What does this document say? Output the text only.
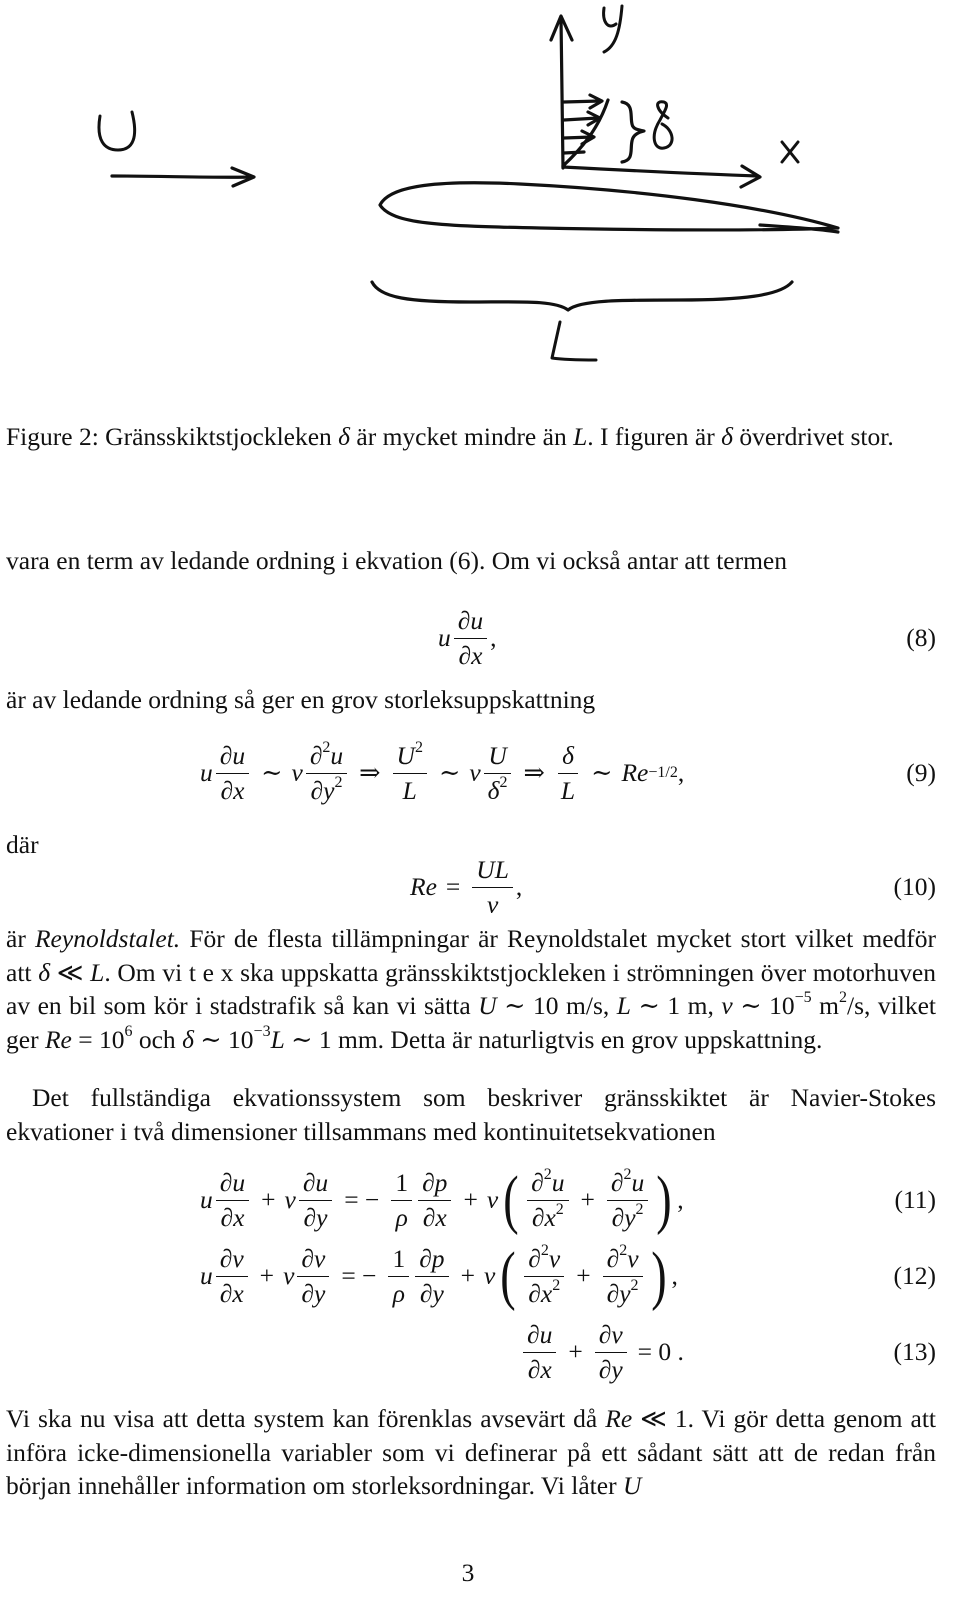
U
Figure 2: Gränsskiktstjockleken δ är mycket mindre än L. I figuren är δ överdrivet stor.
vara en term av ledande ordning i ekvation (6). Om vi också antar att termen
u $\frac{\partial u}{\partial x}$ ,	(8)
är av ledande ordning så ger en grov storleksuppskattning
u $\frac{\partial u}{\partial x}$ ∼ ν $\frac{\partial^2u}{\partial y^2}$ ⇒ $\frac{U^2}{L}$ ∼ ν $\frac{U}{\delta^2}$ ⇒ $\frac{\delta}{L}$ ∼ Re −1/2 ,	(9)
där
$Re = \frac{UL}{\nu}$ ,	(10)
är Reynoldstalet. För de flesta tillämpningar är Reynoldstalet mycket stort vilket medför att δ ≪ L. Om vi t e x ska uppskatta gränsskiktstjockleken i strömningen över motorhuven av en bil som kör i stadstrafik så kan vi sätta U ∼ 10 m/s, L ∼ 1 m, ν ∼ $10^{-5}$ $m^2/s$, vilket ger $Re = 10^6$ och δ ∼ $10^{-3}L$ ∼ 1 mm. Detta är naturligtvis en grov uppskattning.
Det fullständiga ekvationssystem som beskriver gränsskiktet är Navier-Stokes ekvationer i två dimensioner tillsammans med kontinuitetsekvationen
u $\frac{\partial u}{\partial x} + v \frac{\partial u}{\partial y}$ = − $\frac{1}{\rho} \frac{\partial p}{\partial x} + \nu$ ( $\frac{\partial^2u}{\partial x^2} + \frac{\partial^2u}{\partial y^2}$ ) ,	(11)
u $\frac{\partial v}{\partial x} + v \frac{\partial v}{\partial y}$ = − $\frac{1}{\rho} \frac{\partial p}{\partial y} + \nu$ ( $\frac{\partial^2v}{\partial x^2} + \frac{\partial^2v}{\partial y^2}$ ) ,	(12)
$\frac{\partial u}{\partial x} + \frac{\partial v}{\partial y} = 0$ .	(13)
Vi ska nu visa att detta system kan förenklas avsevärt då Re ≪ 1. Vi gör detta genom att införa icke-dimensionella variabler som vi definerar på ett sådant sätt att de redan från början innehåller information om storleksordningar. Vi låter U
3
